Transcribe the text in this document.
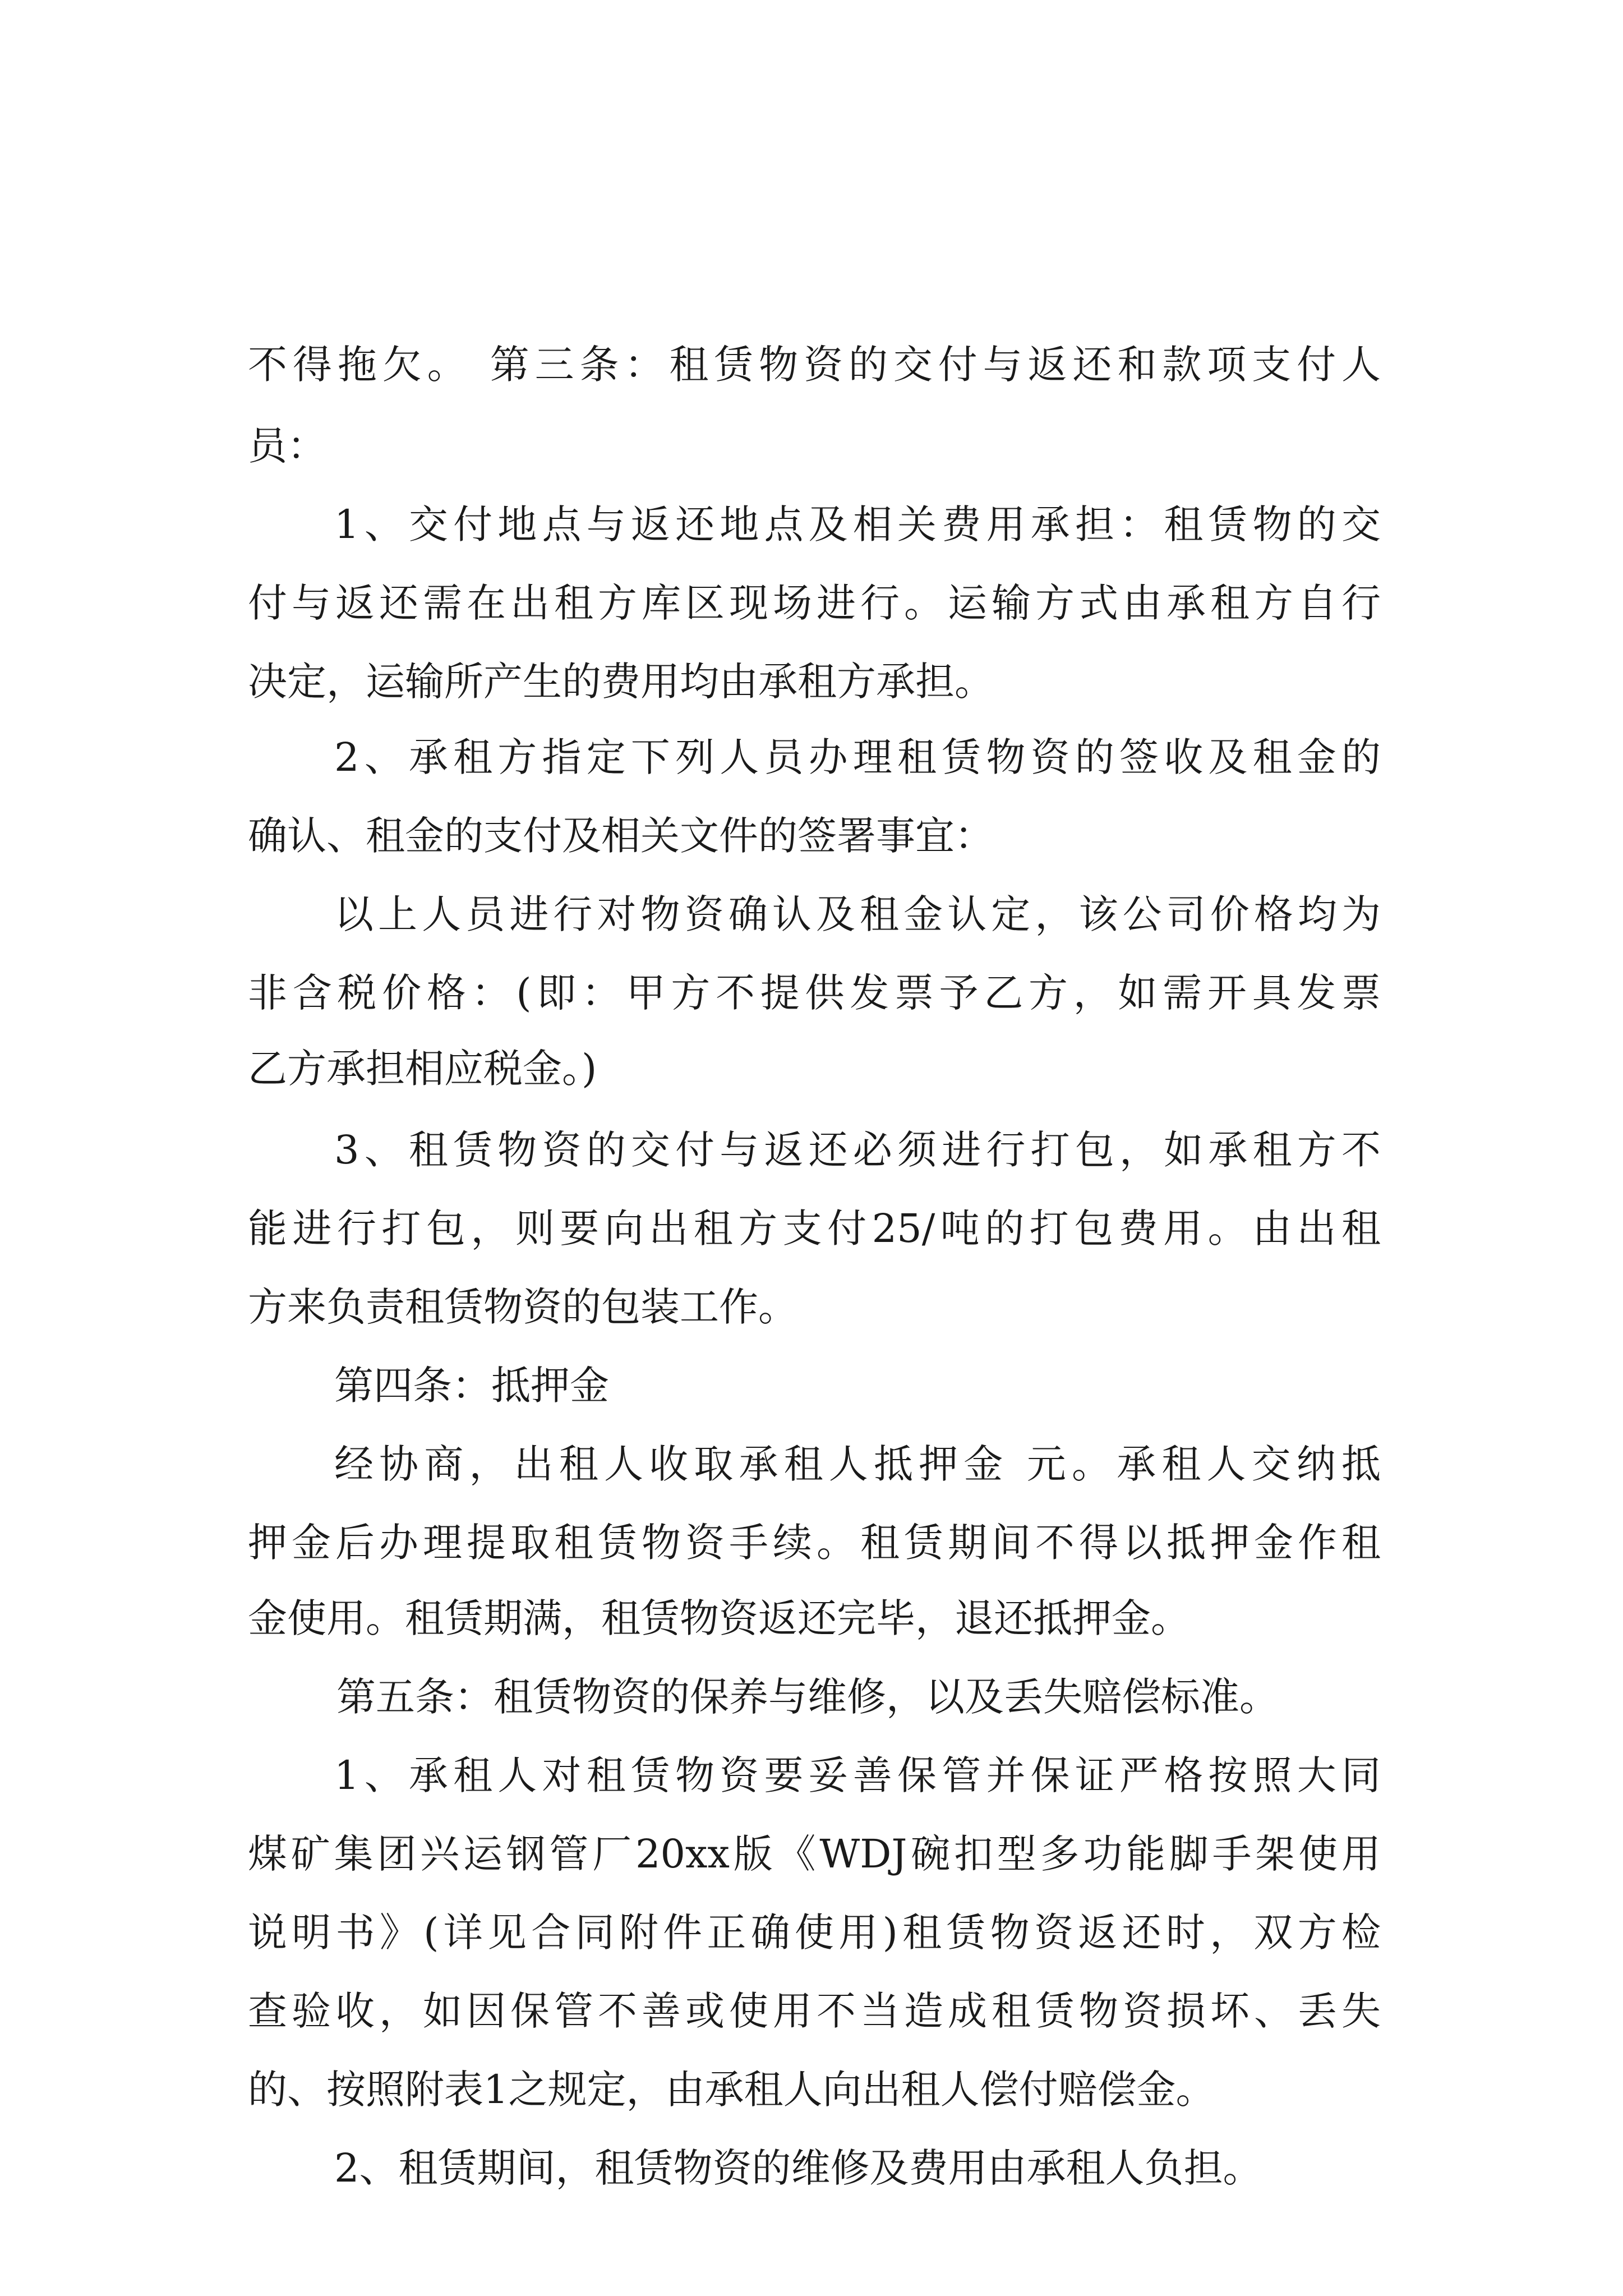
不得拖欠。 第三条：租赁物资的交付与返还和款项支付人

员：

1、交付地点与返还地点及相关费用承担：租赁物的交

付与返还需在出租方库区现场进行。运输方式由承租方自行

决定，运输所产生的费用均由承租方承担。

2、承租方指定下列人员办理租赁物资的签收及租金的

确认、租金的支付及相关文件的签署事宜：

以上人员进行对物资确认及租金认定，该公司价格均为

非含税价格：(即：甲方不提供发票予乙方，如需开具发票

乙方承担相应税金。)

3、租赁物资的交付与返还必须进行打包，如承租方不

能进行打包，则要向出租方支付25/吨的打包费用。由出租

方来负责租赁物资的包装工作。

第四条：抵押金

经协商，出租人收取承租人抵押金 元。承租人交纳抵

押金后办理提取租赁物资手续。租赁期间不得以抵押金作租

金使用。租赁期满，租赁物资返还完毕，退还抵押金。

第五条：租赁物资的保养与维修，以及丢失赔偿标准。

1、承租人对租赁物资要妥善保管并保证严格按照大同

煤矿集团兴运钢管厂20xx版《WDJ碗扣型多功能脚手架使用

说明书》(详见合同附件正确使用)租赁物资返还时，双方检

查验收，如因保管不善或使用不当造成租赁物资损坏、丢失

的、按照附表1之规定，由承租人向出租人偿付赔偿金。

2、租赁期间，租赁物资的维修及费用由承租人负担。
